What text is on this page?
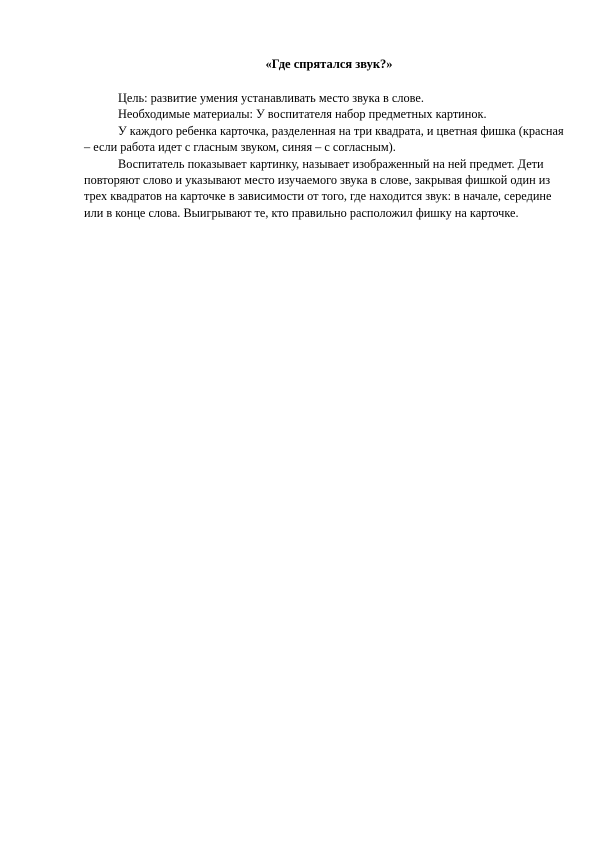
«Где спрятался звук?»

Цель: развитие умения устанавливать место звука в слове.

Необходимые материалы: У воспитателя набор предметных картинок.

У каждого ребенка карточка, разделенная на три квадрата, и цветная фишка (красная – если работа идет с гласным звуком, синяя – с согласным).

Воспитатель показывает картинку, называет изображенный на ней предмет. Дети повторяют слово и указывают место изучаемого звука в слове, закрывая фишкой один из трех квадратов на карточке в зависимости от того, где находится звук: в начале, середине или в конце слова. Выигрывают те, кто правильно расположил фишку на карточке.
